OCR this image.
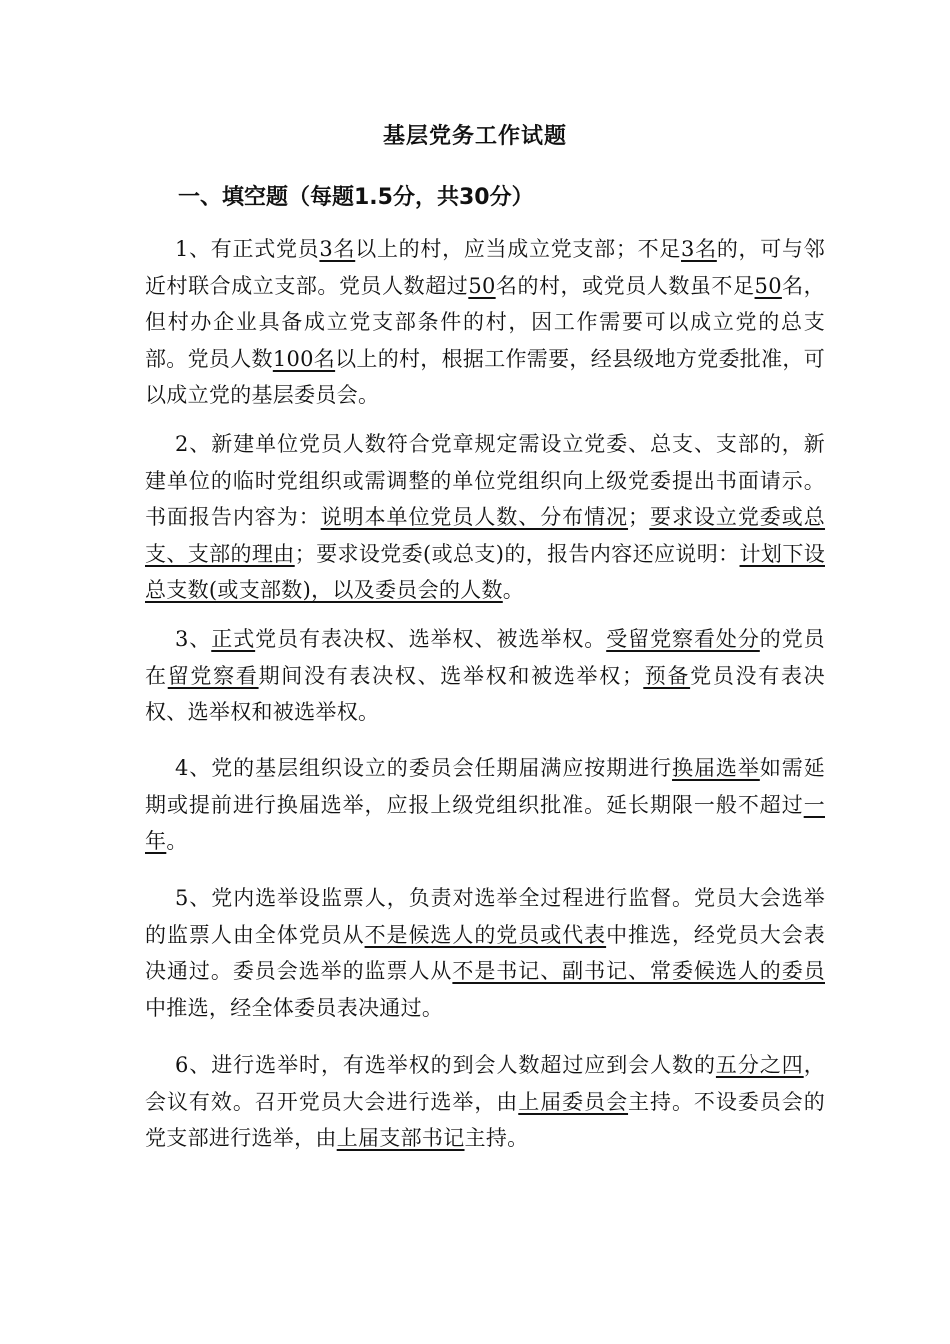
基层党务工作试题
一、填空题（每题1.5分，共30分）

1、有正式党员3名以上的村，应当成立党支部；不足3名的，可与邻近村联合成立支部。党员人数超过50名的村，或党员人数虽不足50名，但村办企业具备成立党支部条件的村，因工作需要可以成立党的总支部。党员人数100名以上的村，根据工作需要，经县级地方党委批准，可以成立党的基层委员会。

2、新建单位党员人数符合党章规定需设立党委、总支、支部的，新建单位的临时党组织或需调整的单位党组织向上级党委提出书面请示。书面报告内容为：说明本单位党员人数、分布情况；要求设立党委或总支、支部的理由；要求设党委(或总支)的，报告内容还应说明：计划下设总支数(或支部数)，以及委员会的人数。

3、正式党员有表决权、选举权、被选举权。受留党察看处分的党员在留党察看期间没有表决权、选举权和被选举权；预备党员没有表决权、选举权和被选举权。

4、党的基层组织设立的委员会任期届满应按期进行换届选举如需延期或提前进行换届选举，应报上级党组织批准。延长期限一般不超过一年。

5、党内选举设监票人，负责对选举全过程进行监督。党员大会选举的监票人由全体党员从不是候选人的党员或代表中推选，经党员大会表决通过。委员会选举的监票人从不是书记、副书记、常委候选人的委员中推选，经全体委员表决通过。

6、进行选举时，有选举权的到会人数超过应到会人数的五分之四，会议有效。召开党员大会进行选举，由上届委员会主持。不设委员会的党支部进行选举，由上届支部书记主持。
